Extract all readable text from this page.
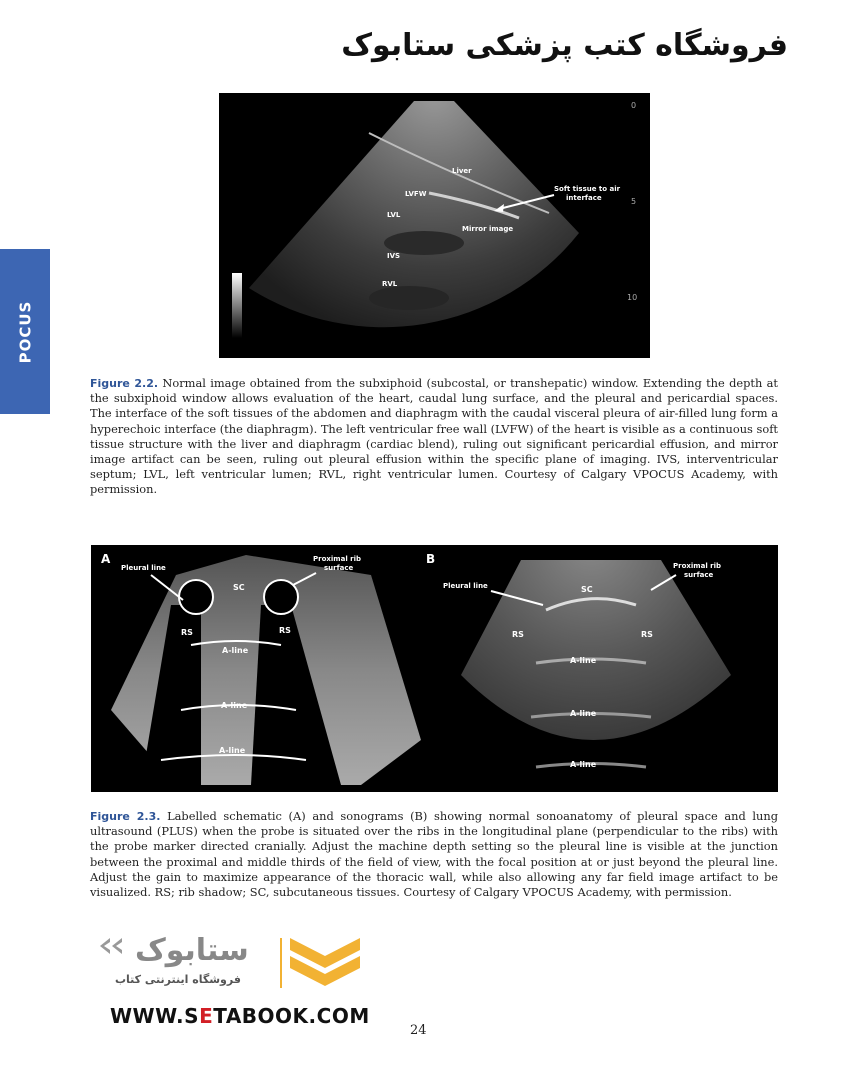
فروشگاه کتب پزشکی ستابوک
POCUS
Liver
LVFW
LVL
Mirror image
IVS
RVL
Soft tissue to air
interface
0
5
10
Figure 2.2. Normal image obtained from the subxiphoid (subcostal, or transhepatic) window. Extending the depth at the subxiphoid window allows evaluation of the heart, caudal lung surface, and the pleural and pericardial spaces. The interface of the soft tissues of the abdomen and diaphragm with the caudal visceral pleura of air-filled lung form a hyperechoic interface (the diaphragm). The left ventricular free wall (LVFW) of the heart is visible as a continuous soft tissue structure with the liver and diaphragm (cardiac blend), ruling out significant pericardial effusion, and mirror image artifact can be seen, ruling out pleural effusion within the specific plane of imaging. IVS, interventricular septum; LVL, left ventricular lumen; RVL, right ventricular lumen. Courtesy of Calgary VPOCUS Academy, with permission.
A
Pleural line
Proximal rib
surface
SC
RS	RS
A-line
A-line
A-line
B
Pleural line
Proximal rib
surface
SC
RS	RS
A-line
A-line
A-line
Figure 2.3. Labelled schematic (A) and sonograms (B) showing normal sonoanatomy of pleural space and lung ultrasound (PLUS) when the probe is situated over the ribs in the longitudinal plane (perpendicular to the ribs) with the probe marker directed cranially. Adjust the machine depth setting so the pleural line is visible at the junction between the proximal and middle thirds of the field of view, with the focal position at or just beyond the pleural line. Adjust the gain to maximize appearance of the thoracic wall, while also allowing any far field image artifact to be visualized. RS; rib shadow; SC, subcutaneous tissues. Courtesy of Calgary VPOCUS Academy, with permission.
ستابوک
فروشگاه اینترنتی کتاب
WWW.SETABOOK.COM
24
